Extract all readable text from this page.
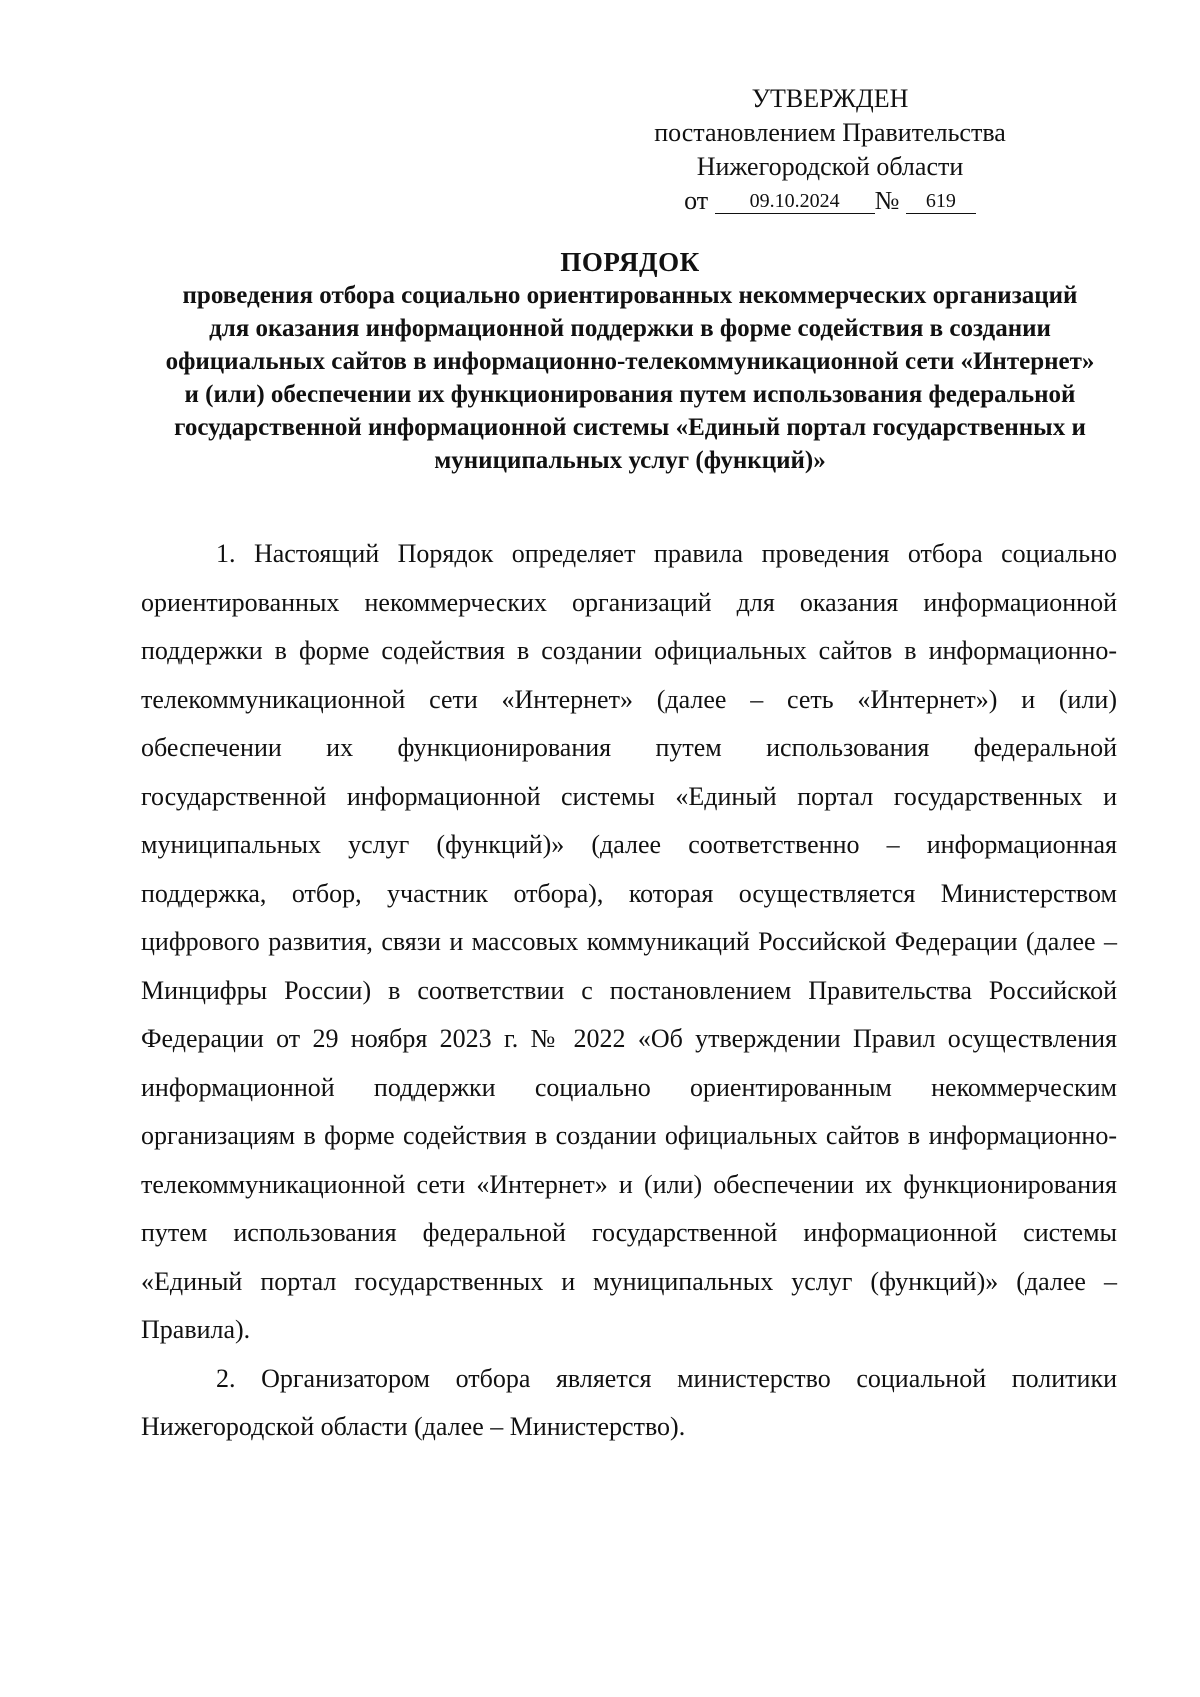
УТВЕРЖДЕН
постановлением Правительства
Нижегородской области
от 09.10.2024 № 619
ПОРЯДОК
проведения отбора социально ориентированных некоммерческих организаций для оказания информационной поддержки в форме содействия в создании официальных сайтов в информационно-телекоммуникационной сети «Интернет» и (или) обеспечении их функционирования путем использования федеральной государственной информационной системы «Единый портал государственных и муниципальных услуг (функций)»

1. Настоящий Порядок определяет правила проведения отбора социально ориентированных некоммерческих организаций для оказания информационной поддержки в форме содействия в создании официальных сайтов в информационно-телекоммуникационной сети «Интернет» (далее – сеть «Интернет») и (или) обеспечении их функционирования путем использования федеральной государственной информационной системы «Единый портал государственных и муниципальных услуг (функций)» (далее соответственно – информационная поддержка, отбор, участник отбора), которая осуществляется Министерством цифрового развития, связи и массовых коммуникаций Российской Федерации (далее – Минцифры России) в соответствии с постановлением Правительства Российской Федерации от 29 ноября 2023 г. № 2022 «Об утверждении Правил осуществления информационной поддержки социально ориентированным некоммерческим организациям в форме содействия в создании официальных сайтов в информационно-телекоммуникационной сети «Интернет» и (или) обеспечении их функционирования путем использования федеральной государственной информационной системы «Единый портал государственных и муниципальных услуг (функций)» (далее – Правила).

2. Организатором отбора является министерство социальной политики Нижегородской области (далее – Министерство).
